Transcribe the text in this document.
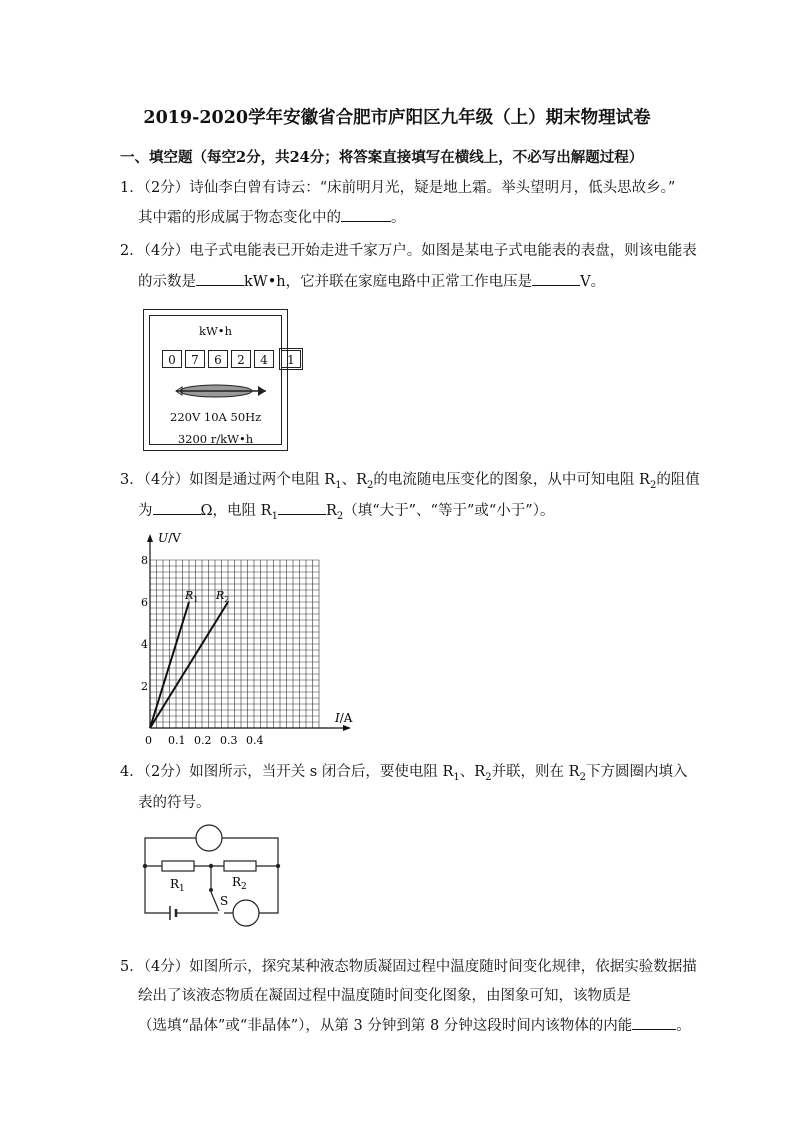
2019-2020学年安徽省合肥市庐阳区九年级（上）期末物理试卷
一、填空题（每空2分，共24分；将答案直接填写在横线上，不必写出解题过程）
1．（2分）诗仙李白曾有诗云：“床前明月光，疑是地上霜。举头望明月，低头思故乡。”
其中霜的形成属于物态变化中的	。
2．（4分）电子式电能表已开始走进千家万户。如图是某电子式电能表的表盘，则该电能表
的示数是	kW•h，它并联在家庭电路中正常工作电压是	V。
kW•h
0	7	6	2	4	1
220V 10A 50Hz
3200 r/kW•h
3．（4分）如图是通过两个电阻 $R_1$、$R_2$的电流随电压变化的图象，从中可知电阻 $R_2$的阻值
为	Ω，电阻 $R_1$	$R_2$（填“大于”、“等于”或“小于”）。
0.1 0.2 0.3 0.4
2
4
6
8
$R_1$ $R_2$
U/V
I/A
0
4．（2分）如图所示，当开关 s 闭合后，要使电阻 $R_1$、$R_2$并联，则在 $R_2$下方圆圈内填入
表的符号。
$R_1$	$R_2$
S
5．（4分）如图所示，探究某种液态物质凝固过程中温度随时间变化规律，依据实验数据描
绘出了该液态物质在凝固过程中温度随时间变化图象，由图象可知，该物质是
（选填“晶体”或“非晶体”），从第 3 分钟到第 8 分钟这段时间内该物体的内能	。
